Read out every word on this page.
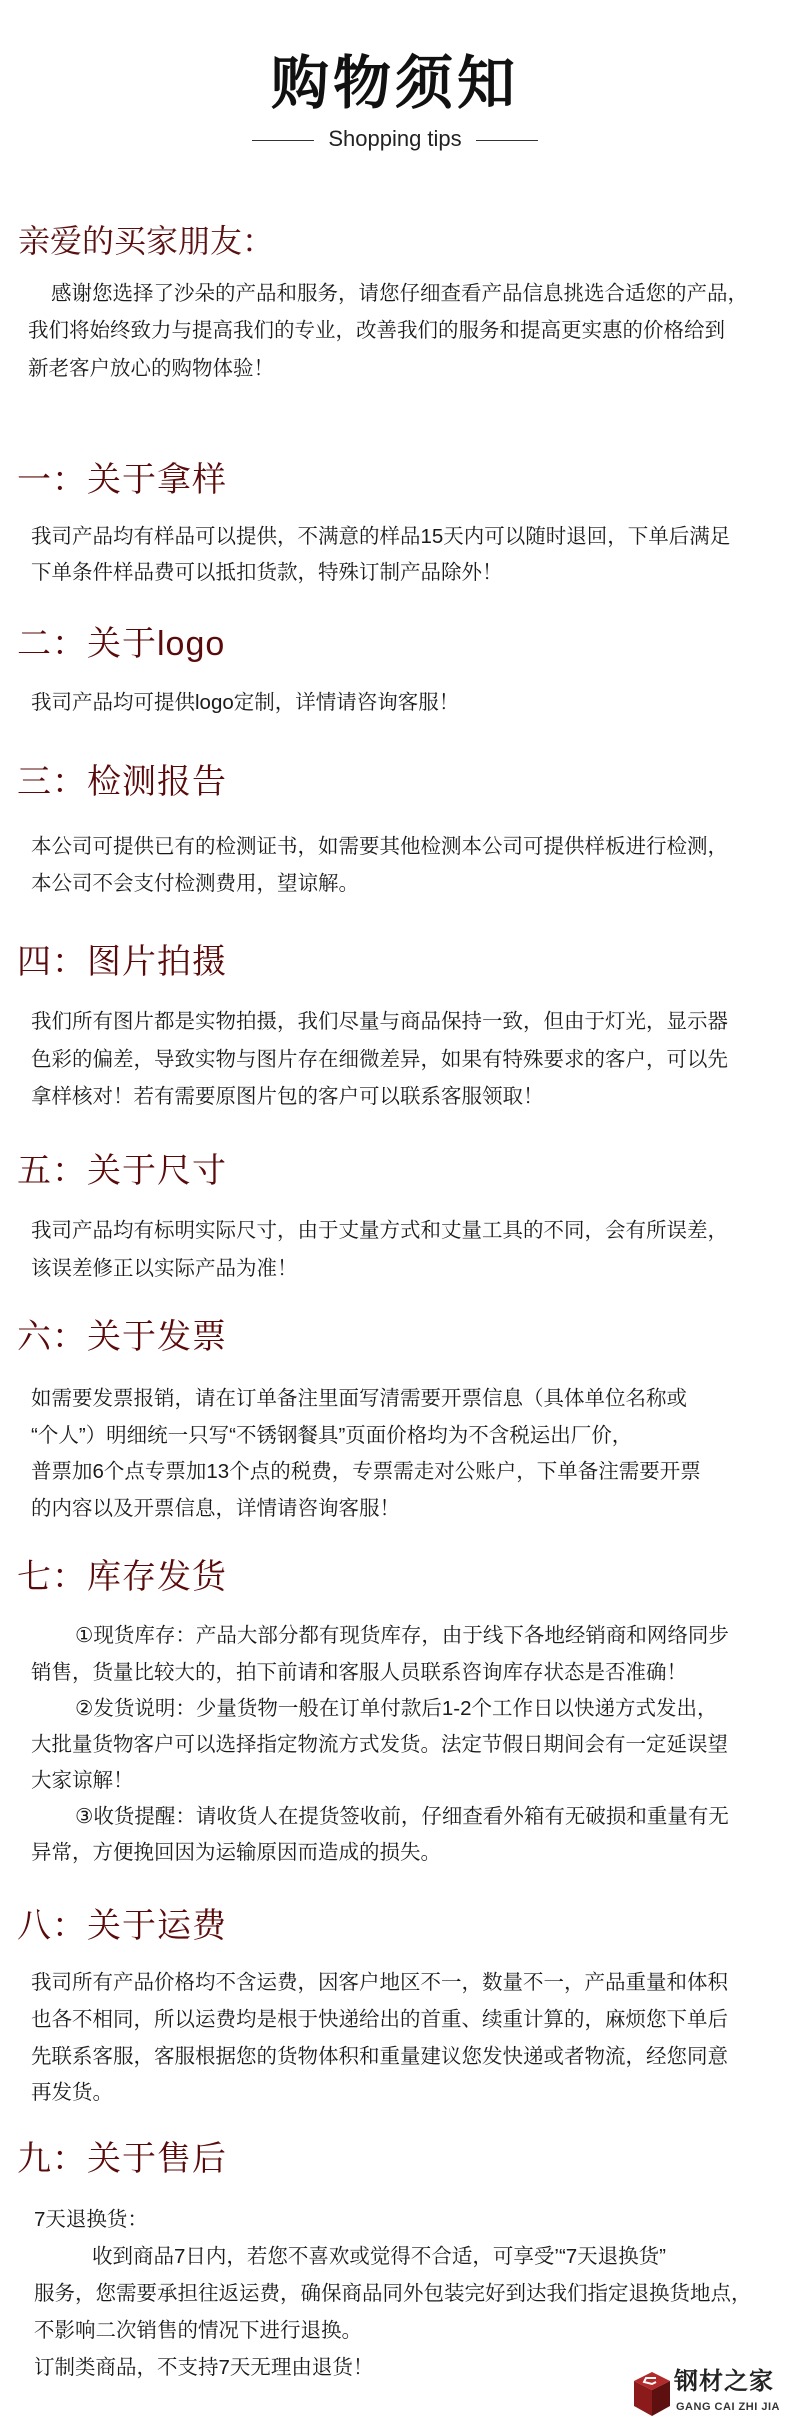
购物须知
Shopping tips
亲爱的买家朋友：
感谢您选择了沙朵的产品和服务，请您仔细查看产品信息挑选合适您的产品，
我们将始终致力与提高我们的专业，改善我们的服务和提高更实惠的价格给到
新老客户放心的购物体验！
一：关于拿样
我司产品均有样品可以提供，不满意的样品15天内可以随时退回，下单后满足
下单条件样品费可以抵扣货款，特殊订制产品除外！
二：关于logo
我司产品均可提供logo定制，详情请咨询客服！
三：检测报告
本公司可提供已有的检测证书，如需要其他检测本公司可提供样板进行检测，
本公司不会支付检测费用，望谅解。
四：图片拍摄
我们所有图片都是实物拍摄，我们尽量与商品保持一致，但由于灯光，显示器
色彩的偏差，导致实物与图片存在细微差异，如果有特殊要求的客户，可以先
拿样核对！若有需要原图片包的客户可以联系客服领取！
五：关于尺寸
我司产品均有标明实际尺寸，由于丈量方式和丈量工具的不同，会有所误差，
该误差修正以实际产品为准！
六：关于发票
如需要发票报销，请在订单备注里面写清需要开票信息（具体单位名称或
“个人”）明细统一只写“不锈钢餐具”页面价格均为不含税运出厂价，
普票加6个点专票加13个点的税费，专票需走对公账户，下单备注需要开票
的内容以及开票信息，详情请咨询客服！
七：库存发货
①现货库存：产品大部分都有现货库存，由于线下各地经销商和网络同步
销售，货量比较大的，拍下前请和客服人员联系咨询库存状态是否准确！
②发货说明：少量货物一般在订单付款后1-2个工作日以快递方式发出，
大批量货物客户可以选择指定物流方式发货。法定节假日期间会有一定延误望
大家谅解！
③收货提醒：请收货人在提货签收前，仔细查看外箱有无破损和重量有无
异常，方便挽回因为运输原因而造成的损失。
八：关于运费
我司所有产品价格均不含运费，因客户地区不一，数量不一，产品重量和体积
也各不相同，所以运费均是根于快递给出的首重、续重计算的，麻烦您下单后
先联系客服，客服根据您的货物体积和重量建议您发快递或者物流，经您同意
再发货。
九：关于售后
7天退换货：
收到商品7日内，若您不喜欢或觉得不合适，可享受’“7天退换货”
服务，您需要承担往返运费，确保商品同外包装完好到达我们指定退换货地点，
不影响二次销售的情况下进行退换。
订制类商品，不支持7天无理由退货！
钢材之家
GANG CAI ZHI JIA
